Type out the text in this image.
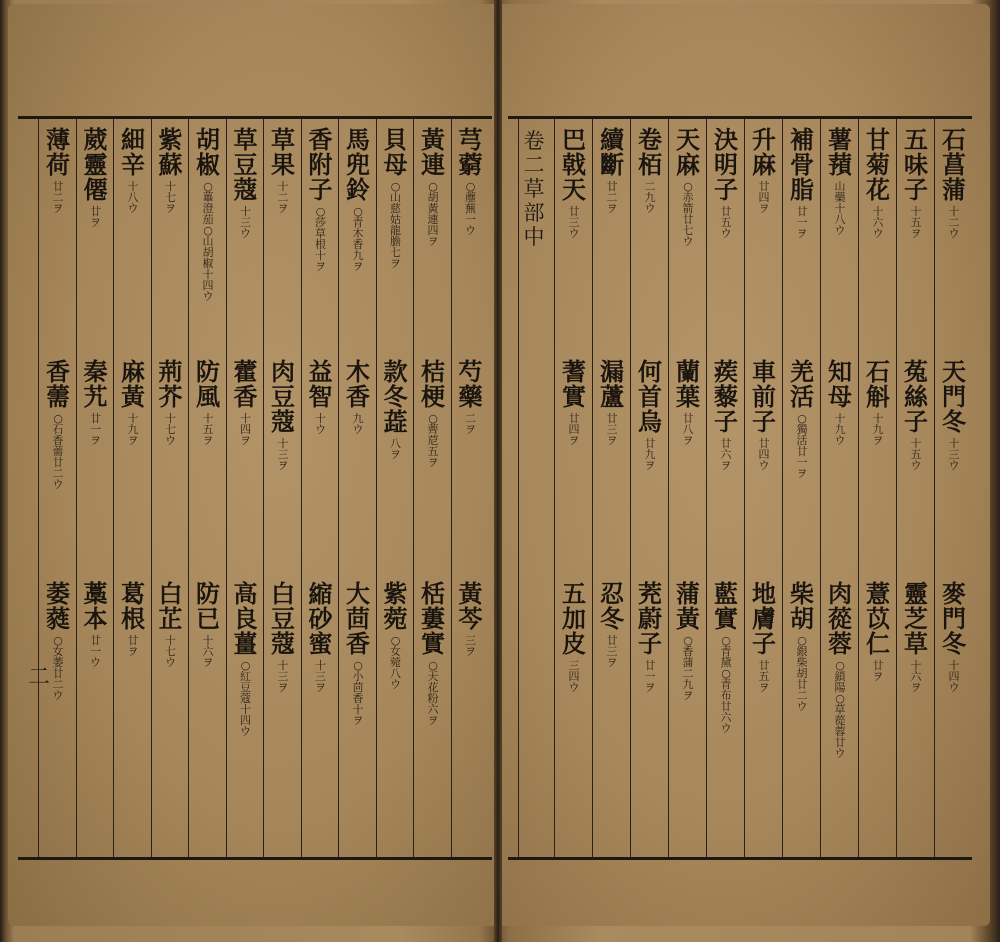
石
菖
蒲
十
二
ウ
天
門
冬
十
三
ウ
麥
門
冬
十
四
ウ
五
味
子
十
五
ヲ
菟
絲
子
十
五
ウ
靈
芝
草
十
六
ヲ
甘
菊
花
十
六
ウ
石
斛
十
九
ヲ
薏
苡
仁
廿
ヲ
薯
蕷
山
藥
十
八
ウ
知
母
十
九
ウ
肉
蓯
蓉
○
鎖
陽
○
草
蓯
蓉
廿
ウ
補
骨
脂
廿
一
ヲ
羌
活
○
獨
活
廿
一
ヲ
柴
胡
○
銀
柴
胡
廿
二
ウ
升
麻
廿
四
ヲ
車
前
子
廿
四
ウ
地
膚
子
廿
五
ヲ
決
明
子
廿
五
ウ
蒺
藜
子
廿
六
ヲ
藍
實
○
青
黛
○
青
布
廿
六
ウ
天
麻
○
赤
箭
廿
七
ウ
蘭
葉
廿
八
ヲ
蒲
黃
○
香
蒲
二
九
ヲ
卷
栢
二
九
ウ
何
首
烏
廿
九
ヲ
茺
蔚
子
廿
一
ヲ
續
斷
廿
二
ヲ
漏
蘆
廿
三
ヲ
忍
冬
廿
三
ヲ
巴
戟
天
廿
三
ウ
蓍
實
廿
四
ヲ
五
加
皮
三
四
ウ
卷
二
草
部
中
芎
藭
○
蘼
蕪
一
ウ
芍
藥
二
ヲ
黃
芩
三
ヲ
黃
連
○
胡
黃
連
四
ヲ
桔
梗
○
薺
苨
五
ヲ
栝
蔞
實
○
天
花
粉
六
ヲ
貝
母
○
山
慈
姑
龍
膽
七
ヲ
款
冬
蕋
八
ヲ
紫
菀
○
女
菀
八
ウ
馬
兜
鈴
○
青
木
香
九
ヲ
木
香
九
ウ
大
茴
香
○
小
茴
香
十
ヲ
香
附
子
○
莎
草
根
十
ヲ
益
智
十
ウ
縮
砂
蜜
十
三
ヲ
草
果
十
二
ヲ
肉
豆
蔻
十
三
ヲ
白
豆
蔻
十
三
ヲ
草
豆
蔻
十
三
ウ
藿
香
十
四
ヲ
高
良
薑
○
紅
豆
蔻
十
四
ウ
胡
椒
○
蓽
澄
茄
○
山
胡
椒
十
四
ウ
防
風
十
五
ヲ
防
已
十
六
ヲ
紫
蘇
十
七
ヲ
荊
芥
十
七
ウ
白
芷
十
七
ウ
細
辛
十
八
ウ
麻
黃
十
九
ヲ
葛
根
廿
ヲ
葳
靈
僊
廿
ヲ
秦
艽
廿
一
ヲ
藁
本
廿
一
ウ
薄
荷
廿
二
ヲ
香
薷
○
石
香
薷
廿
二
ウ
萎
蕤
○
女
萎
廿
二
ウ
二
